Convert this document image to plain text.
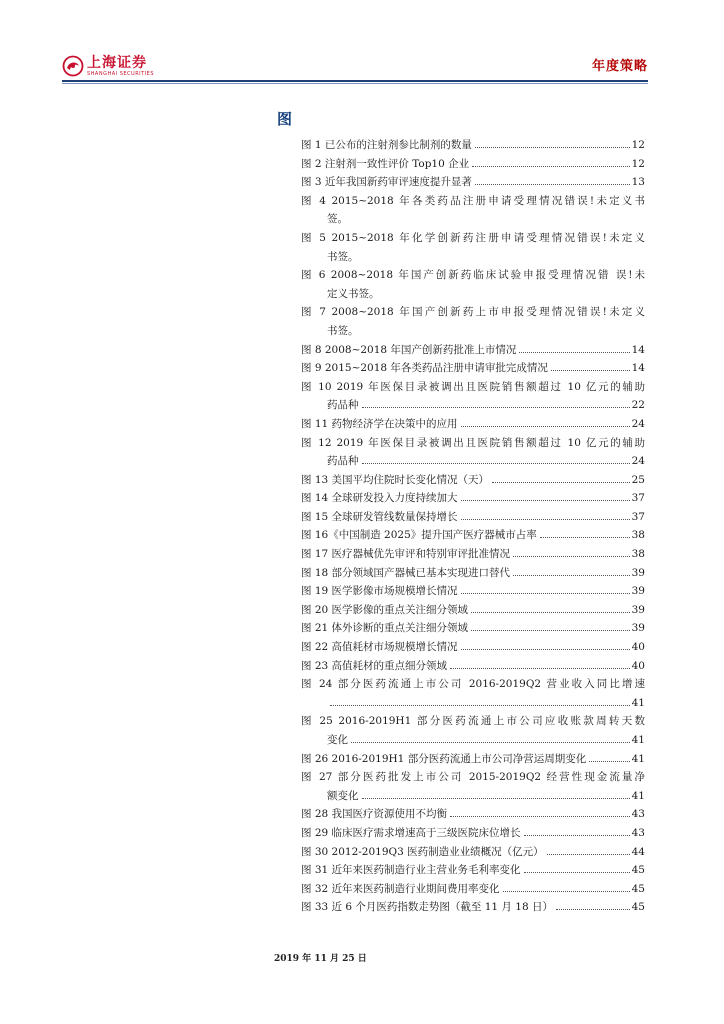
上海证券
SHANGHAI SECURITIES	年度策略
图
图 1 已公布的注射剂参比制剂的数量	12
图 2 注射剂一致性评价 Top10 企业	12
图 3 近年我国新药审评速度提升显著	13
图 4 2015~2018 年各类药品注册申请受理情况错误!未定义书
签。
图 5 2015~2018 年化学创新药注册申请受理情况错误!未定义
书签。
图 6 2008~2018 年国产创新药临床试验申报受理情况错 误!未
定义书签。
图 7 2008~2018 年国产创新药上市申报受理情况错误!未定义
书签。
图 8 2008~2018 年国产创新药批准上市情况	14
图 9 2015~2018 年各类药品注册申请审批完成情况	14
图 10 2019 年医保目录被调出且医院销售额超过 10 亿元的辅助
药品种	22
图 11 药物经济学在决策中的应用	24
图 12 2019 年医保目录被调出且医院销售额超过 10 亿元的辅助
药品种	24
图 13 美国平均住院时长变化情况（天）	25
图 14 全球研发投入力度持续加大	37
图 15 全球研发管线数量保持增长	37
图 16《中国制造 2025》提升国产医疗器械市占率	38
图 17 医疗器械优先审评和特别审评批准情况	38
图 18 部分领域国产器械已基本实现进口替代	39
图 19 医学影像市场规模增长情况	39
图 20 医学影像的重点关注细分领域	39
图 21 体外诊断的重点关注细分领域	39
图 22 高值耗材市场规模增长情况	40
图 23 高值耗材的重点细分领域	40
图 24 部分医药流通上市公司 2016-2019Q2 营业收入同比增速
41
图 25 2016-2019H1 部分医药流通上市公司应收账款周转天数
变化	41
图 26 2016-2019H1 部分医药流通上市公司净营运周期变化	41
图 27 部分医药批发上市公司 2015-2019Q2 经营性现金流量净
额变化	41
图 28 我国医疗资源使用不均衡	43
图 29 临床医疗需求增速高于三级医院床位增长	43
图 30 2012-2019Q3 医药制造业业绩概况（亿元）	44
图 31 近年来医药制造行业主营业务毛利率变化	45
图 32 近年来医药制造行业期间费用率变化	45
图 33 近 6 个月医药指数走势图（截至 11 月 18 日）	45
2019 年 11 月 25 日
